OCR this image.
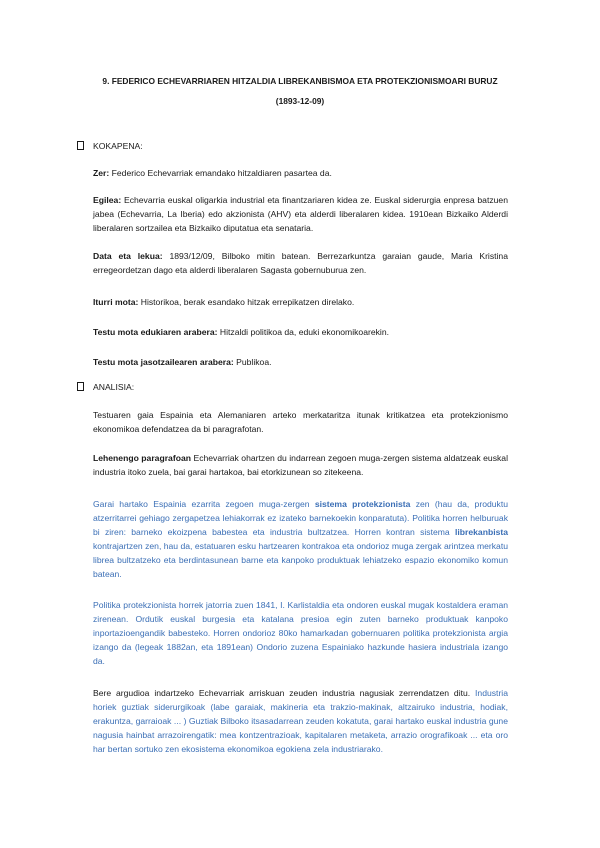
9. FEDERICO ECHEVARRIAREN HITZALDIA LIBREKANBISMOA ETA PROTEKZIONISMOARI BURUZ

(1893-12-09)

KOKAPENA:

Zer: Federico Echevarriak emandako hitzaldiaren pasartea da.

Egilea: Echevarria euskal oligarkia industrial eta finantzariaren kidea ze. Euskal siderurgia enpresa batzuen jabea (Echevarria, La Iberia) edo akzionista (AHV) eta alderdi liberalaren kidea. 1910ean Bizkaiko Alderdi liberalaren sortzailea eta Bizkaiko diputatua eta senataria.

Data eta lekua: 1893/12/09, Bilboko mitin batean. Berrezarkuntza garaian gaude, Maria Kristina erregeordetzan dago eta alderdi liberalaren Sagasta gobernuburua zen.

Iturri mota: Historikoa, berak esandako hitzak errepikatzen direlako.

Testu mota edukiaren arabera: Hitzaldi politikoa da, eduki ekonomikoarekin.

Testu mota jasotzailearen arabera: Publikoa.

ANALISIA:

Testuaren gaia Espainia eta Alemaniaren arteko merkataritza itunak kritikatzea eta protekzionismo ekonomikoa defendatzea da bi paragrafotan.

Lehenengo paragrafoan Echevarriak ohartzen du indarrean zegoen muga-zergen sistema aldatzeak euskal industria itoko zuela, bai garai hartakoa, bai etorkizunean so zitekeena.

Garai hartako Espainia ezarrita zegoen muga-zergen sistema protekzionista zen (hau da, produktu atzerritarrei gehiago zergapetzea lehiakorrak ez izateko barnekoekin konparatuta). Politika horren helburuak bi ziren: barneko ekoizpena babestea eta industria bultzatzea. Horren kontran sistema librekanbista kontrajartzen zen, hau da, estatuaren esku hartzearen kontrakoa eta ondorioz muga zergak arintzea merkatu librea bultzatzeko eta berdintasunean barne eta kanpoko produktuak lehiatzeko espazio ekonomiko komun batean.

Politika protekzionista horrek jatorria zuen 1841, I. Karlistaldia eta ondoren euskal mugak kostaldera eraman zirenean. Ordutik euskal burgesia eta katalana presioa egin zuten barneko produktuak kanpoko inportazioengandik babesteko. Horren ondorioz 80ko hamarkadan gobernuaren politika protekzionista argia izango da (legeak 1882an, eta 1891ean) Ondorio zuzena Espainiako hazkunde hasiera industriala izango da.

Bere argudioa indartzeko Echevarriak arriskuan zeuden industria nagusiak zerrendatzen ditu. Industria horiek guztiak siderurgikoak (labe garaiak, makineria eta trakzio-makinak, altzairuko industria, hodiak, erakuntza, garraioak ... ) Guztiak Bilboko itsasadarrean zeuden kokatuta, garai hartako euskal industria gune nagusia hainbat arrazoirengatik: mea kontzentrazioak, kapitalaren metaketa, arrazio orografikoak ... eta oro har bertan sortuko zen ekosistema ekonomikoa egokiena zela industriarako.
